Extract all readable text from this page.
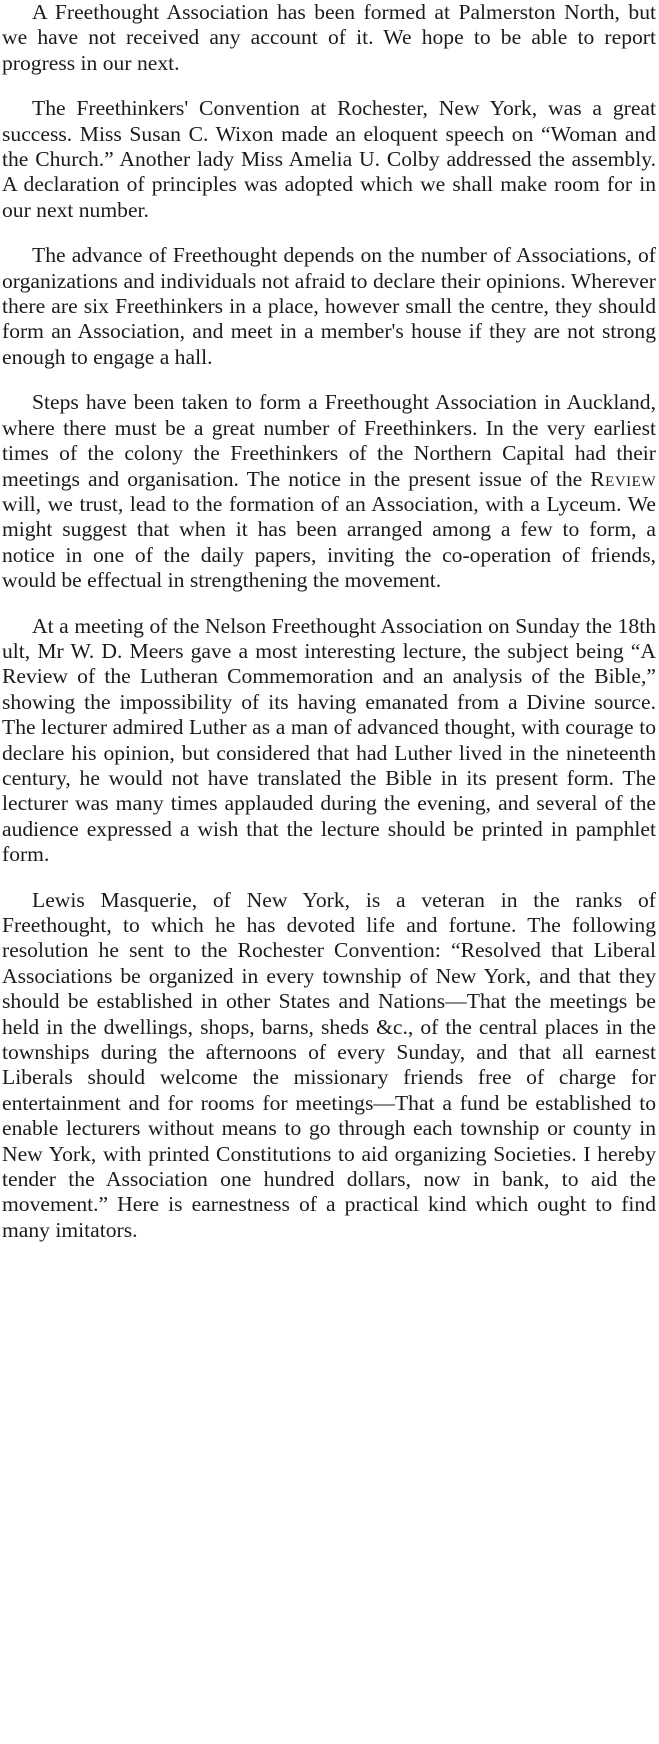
A Freethought Association has been formed at Palmerston North, but we have not received any account of it. We hope to be able to report progress in our next.

The Freethinkers' Convention at Rochester, New York, was a great success. Miss Susan C. Wixon made an eloquent speech on “Woman and the Church.” Another lady Miss Amelia U. Colby addressed the assembly. A declaration of principles was adopted which we shall make room for in our next number.

The advance of Freethought depends on the number of Associations, of organizations and individuals not afraid to declare their opinions. Wherever there are six Freethinkers in a place, however small the centre, they should form an Association, and meet in a member's house if they are not strong enough to engage a hall.

Steps have been taken to form a Freethought Association in Auckland, where there must be a great number of Freethinkers. In the very earliest times of the colony the Freethinkers of the Northern Capital had their meetings and organisation. The notice in the present issue of the Review will, we trust, lead to the formation of an Association, with a Lyceum. We might suggest that when it has been arranged among a few to form, a notice in one of the daily papers, inviting the co-operation of friends, would be effectual in strengthening the movement.

At a meeting of the Nelson Freethought Association on Sunday the 18th ult, Mr W. D. Meers gave a most interesting lecture, the subject being “A Review of the Lutheran Commemoration and an analysis of the Bible,” showing the impossibility of its having emanated from a Divine source. The lecturer admired Luther as a man of advanced thought, with courage to declare his opinion, but considered that had Luther lived in the nineteenth century, he would not have translated the Bible in its present form. The lecturer was many times applauded during the evening, and several of the audience expressed a wish that the lecture should be printed in pamphlet form.

Lewis Masquerie, of New York, is a veteran in the ranks of Freethought, to which he has devoted life and fortune. The following resolution he sent to the Rochester Convention: “Resolved that Liberal Associations be organized in every township of New York, and that they should be established in other States and Nations—That the meetings be held in the dwellings, shops, barns, sheds &c., of the central places in the townships during the afternoons of every Sunday, and that all earnest Liberals should welcome the missionary friends free of charge for entertainment and for rooms for meetings—That a fund be established to enable lecturers without means to go through each township or county in New York, with printed Constitutions to aid organizing Societies. I hereby tender the Association one hundred dollars, now in bank, to aid the movement.” Here is earnestness of a practical kind which ought to find many imitators.
